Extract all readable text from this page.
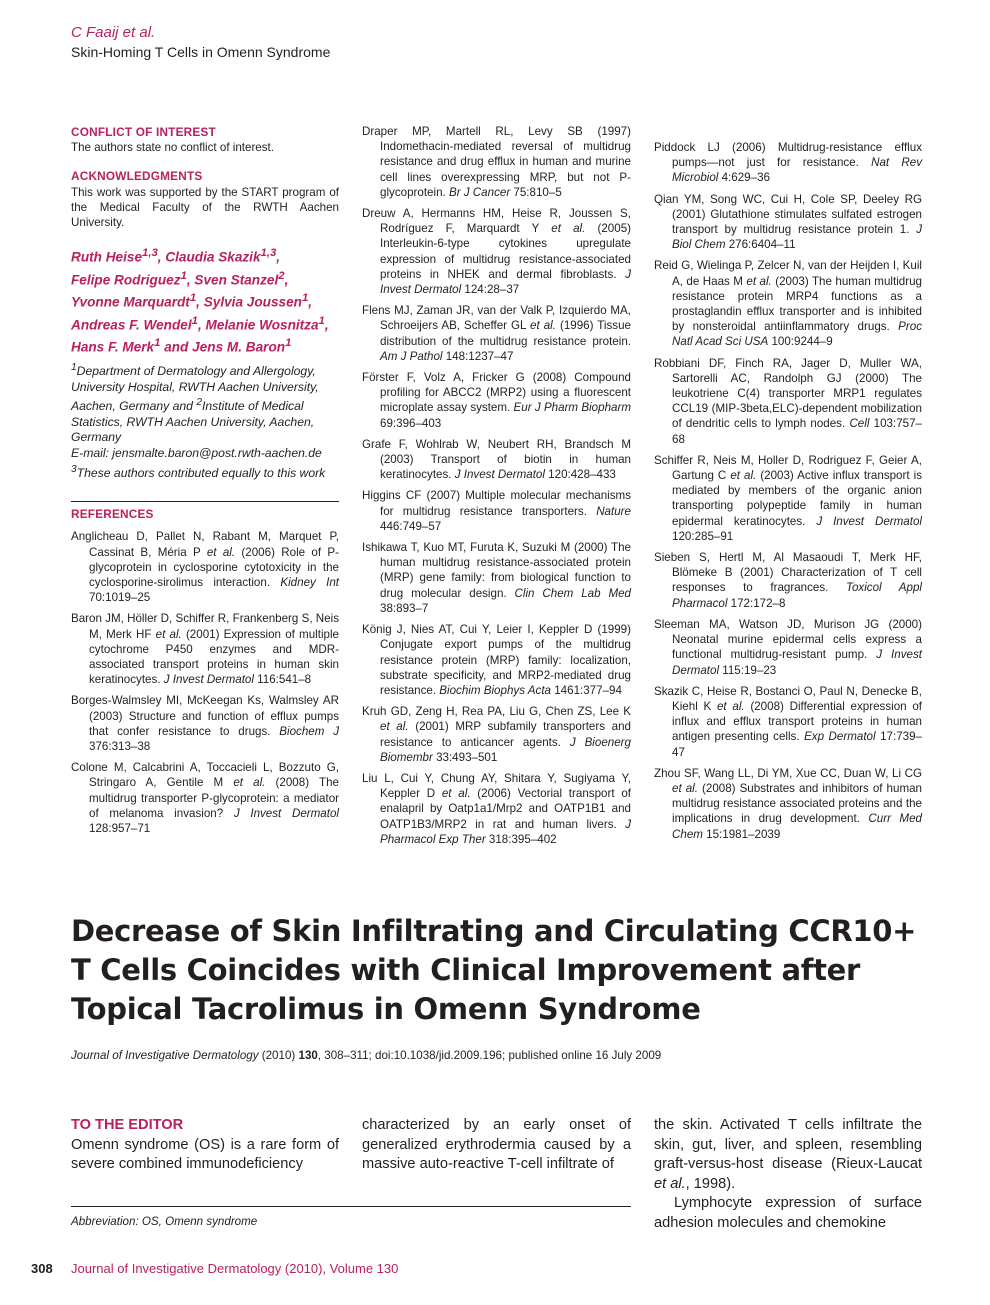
C Faaij et al.
Skin-Homing T Cells in Omenn Syndrome

CONFLICT OF INTEREST

The authors state no conflict of interest.

ACKNOWLEDGMENTS

This work was supported by the START program of the Medical Faculty of the RWTH Aachen University.

Ruth Heise$^{1,3}$, Claudia Skazik$^{1,3}$,
Felipe Rodriguez$^1$, Sven Stanzel$^2$,
Yvonne Marquardt$^1$, Sylvia Joussen$^1$,
Andreas F. Wendel$^1$, Melanie Wosnitza$^1$,
Hans F. Merk$^1$ and Jens M. Baron$^1$
$^1$Department of Dermatology and Allergology, University Hospital, RWTH Aachen University, Aachen, Germany and $^2$Institute of Medical Statistics, RWTH Aachen University, Aachen, Germany
E-mail: jensmalte.baron@post.rwth-aachen.de
$^3$These authors contributed equally to this work

REFERENCES

Anglicheau D, Pallet N, Rabant M, Marquet P, Cassinat B, Méria P et al. (2006) Role of P-glycoprotein in cyclosporine cytotoxicity in the cyclosporine-sirolimus interaction. Kidney Int 70:1019–25

Baron JM, Höller D, Schiffer R, Frankenberg S, Neis M, Merk HF et al. (2001) Expression of multiple cytochrome P450 enzymes and MDR-associated transport proteins in human skin keratinocytes. J Invest Dermatol 116:541–8

Borges-Walmsley MI, McKeegan Ks, Walmsley AR (2003) Structure and function of efflux pumps that confer resistance to drugs. Biochem J 376:313–38

Colone M, Calcabrini A, Toccacieli L, Bozzuto G, Stringaro A, Gentile M et al. (2008) The multidrug transporter P-glycoprotein: a mediator of melanoma invasion? J Invest Dermatol 128:957–71

Draper MP, Martell RL, Levy SB (1997) Indomethacin-mediated reversal of multidrug resistance and drug efflux in human and murine cell lines overexpressing MRP, but not P-glycoprotein. Br J Cancer 75:810–5

Dreuw A, Hermanns HM, Heise R, Joussen S, Rodríguez F, Marquardt Y et al. (2005) Interleukin-6-type cytokines upregulate expression of multidrug resistance-associated proteins in NHEK and dermal fibroblasts. J Invest Dermatol 124:28–37

Flens MJ, Zaman JR, van der Valk P, Izquierdo MA, Schroeijers AB, Scheffer GL et al. (1996) Tissue distribution of the multidrug resistance protein. Am J Pathol 148:1237–47

Förster F, Volz A, Fricker G (2008) Compound profiling for ABCC2 (MRP2) using a fluorescent microplate assay system. Eur J Pharm Biopharm 69:396–403

Grafe F, Wohlrab W, Neubert RH, Brandsch M (2003) Transport of biotin in human keratinocytes. J Invest Dermatol 120:428–433

Higgins CF (2007) Multiple molecular mechanisms for multidrug resistance transporters. Nature 446:749–57

Ishikawa T, Kuo MT, Furuta K, Suzuki M (2000) The human multidrug resistance-associated protein (MRP) gene family: from biological function to drug molecular design. Clin Chem Lab Med 38:893–7

König J, Nies AT, Cui Y, Leier I, Keppler D (1999) Conjugate export pumps of the multidrug resistance protein (MRP) family: localization, substrate specificity, and MRP2-mediated drug resistance. Biochim Biophys Acta 1461:377–94

Kruh GD, Zeng H, Rea PA, Liu G, Chen ZS, Lee K et al. (2001) MRP subfamily transporters and resistance to anticancer agents. J Bioenerg Biomembr 33:493–501

Liu L, Cui Y, Chung AY, Shitara Y, Sugiyama Y, Keppler D et al. (2006) Vectorial transport of enalapril by Oatp1a1/Mrp2 and OATP1B1 and OATP1B3/MRP2 in rat and human livers. J Pharmacol Exp Ther 318:395–402

Piddock LJ (2006) Multidrug-resistance efflux pumps—not just for resistance. Nat Rev Microbiol 4:629–36

Qian YM, Song WC, Cui H, Cole SP, Deeley RG (2001) Glutathione stimulates sulfated estrogen transport by multidrug resistance protein 1. J Biol Chem 276:6404–11

Reid G, Wielinga P, Zelcer N, van der Heijden I, Kuil A, de Haas M et al. (2003) The human multidrug resistance protein MRP4 functions as a prostaglandin efflux transporter and is inhibited by nonsteroidal antiinflammatory drugs. Proc Natl Acad Sci USA 100:9244–9

Robbiani DF, Finch RA, Jager D, Muller WA, Sartorelli AC, Randolph GJ (2000) The leukotriene C(4) transporter MRP1 regulates CCL19 (MIP-3beta,ELC)-dependent mobilization of dendritic cells to lymph nodes. Cell 103:757–68

Schiffer R, Neis M, Holler D, Rodriguez F, Geier A, Gartung C et al. (2003) Active influx transport is mediated by members of the organic anion transporting polypeptide family in human epidermal keratinocytes. J Invest Dermatol 120:285–91

Sieben S, Hertl M, Al Masaoudi T, Merk HF, Blömeke B (2001) Characterization of T cell responses to fragrances. Toxicol Appl Pharmacol 172:172–8

Sleeman MA, Watson JD, Murison JG (2000) Neonatal murine epidermal cells express a functional multidrug-resistant pump. J Invest Dermatol 115:19–23

Skazik C, Heise R, Bostanci O, Paul N, Denecke B, Kiehl K et al. (2008) Differential expression of influx and efflux transport proteins in human antigen presenting cells. Exp Dermatol 17:739–47

Zhou SF, Wang LL, Di YM, Xue CC, Duan W, Li CG et al. (2008) Substrates and inhibitors of human multidrug resistance associated proteins and the implications in drug development. Curr Med Chem 15:1981–2039

Decrease of Skin Infiltrating and Circulating CCR10+
T Cells Coincides with Clinical Improvement after
Topical Tacrolimus in Omenn Syndrome
Journal of Investigative Dermatology (2010) 130, 308–311; doi:10.1038/jid.2009.196; published online 16 July 2009

TO THE EDITOR

Omenn syndrome (OS) is a rare form of severe combined immunodeficiency

characterized by an early onset of generalized erythrodermia caused by a massive auto-reactive T-cell infiltrate of

the skin. Activated T cells infiltrate the skin, gut, liver, and spleen, resembling graft-versus-host disease (Rieux-Laucat et al., 1998).

Lymphocyte expression of surface adhesion molecules and chemokine

Abbreviation: OS, Omenn syndrome
308 Journal of Investigative Dermatology (2010), Volume 130
